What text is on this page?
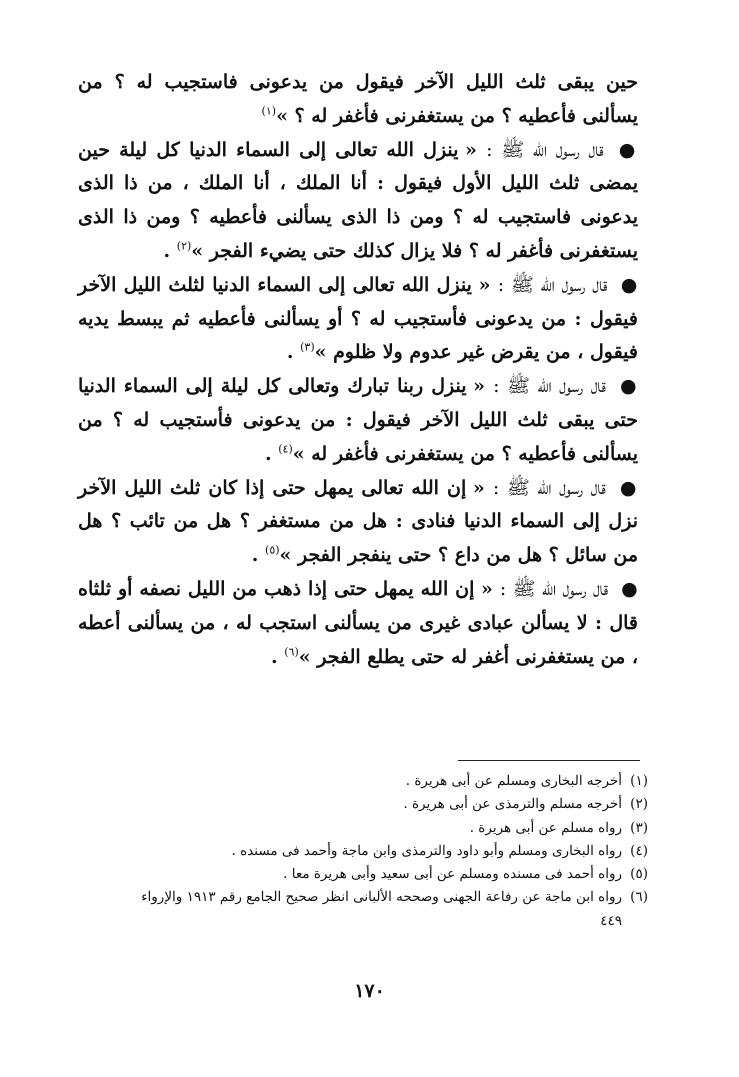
حين يبقى ثلث الليل الآخر فيقول من يدعونى فاستجيب له ؟ من يسألنى فأعطيه ؟ من يستغفرنى فأغفر له ؟ »$^{(١)}$

● قال رسول الله ﷺ : « ينزل الله تعالى إلى السماء الدنيا كل ليلة حين يمضى ثلث الليل الأول فيقول : أنا الملك ، أنا الملك ، من ذا الذى يدعونى فاستجيب له ؟ ومن ذا الذى يسألنى فأعطيه ؟ ومن ذا الذى يستغفرنى فأغفر له ؟ فلا يزال كذلك حتى يضيء الفجر »$^{(٢)}$ .

● قال رسول الله ﷺ : « ينزل الله تعالى إلى السماء الدنيا لثلث الليل الآخر فيقول : من يدعونى فأستجيب له ؟ أو يسألنى فأعطيه ثم يبسط يديه فيقول ، من يقرض غير عدوم ولا ظلوم »$^{(٣)}$ .

● قال رسول الله ﷺ : « ينزل ربنا تبارك وتعالى كل ليلة إلى السماء الدنيا حتى يبقى ثلث الليل الآخر فيقول : من يدعونى فأستجيب له ؟ من يسألنى فأعطيه ؟ من يستغفرنى فأغفر له »$^{(٤)}$ .

● قال رسول الله ﷺ : « إن الله تعالى يمهل حتى إذا كان ثلث الليل الآخر نزل إلى السماء الدنيا فنادى : هل من مستغفر ؟ هل من تائب ؟ هل من سائل ؟ هل من داع ؟ حتى ينفجر الفجر »$^{(٥)}$ .

● قال رسول الله ﷺ : « إن الله يمهل حتى إذا ذهب من الليل نصفه أو ثلثاه قال : لا يسألن عبادى غيرى من يسألنى استجب له ، من يسألنى أعطه ، من يستغفرنى أغفر له حتى يطلع الفجر »$^{(٦)}$ .

(١)
أخرجه البخارى ومسلم عن أبى هريرة .
(٢)
أخرجه مسلم والترمذى عن أبى هريرة .
(٣)
رواه مسلم عن أبى هريرة .
(٤)
رواه البخارى ومسلم وأبو داود والترمذى وابن ماجة وأحمد فى مسنده .
(٥)
رواه أحمد فى مسنده ومسلم عن أبى سعيد وأبى هريرة معا .
(٦)
رواه ابن ماجة عن رفاعة الجهنى وصححه الألبانى انظر صحيح الجامع رقم ١٩١٣ والإرواء
٤٤٩
١٧٠
